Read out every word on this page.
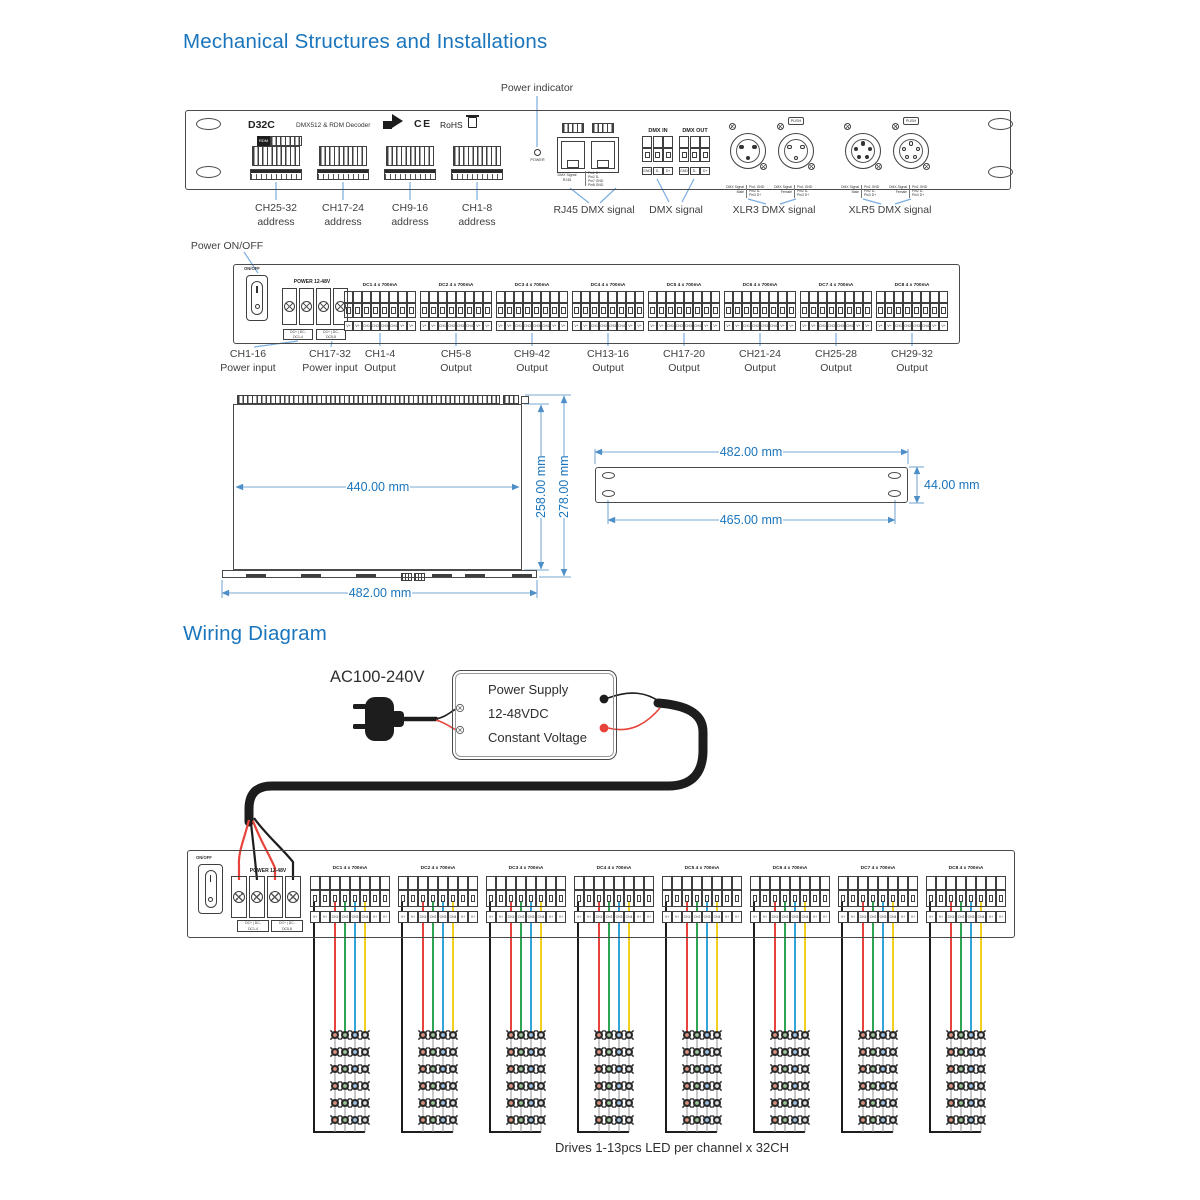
Mechanical Structures and Installations
Wiring Diagram
Power indicator
Power ON/OFF
440.00 mm
482.00 mm
258.00 mm 278.00 mm
482.00 mm
465.00 mm
44.00 mm
AC100-240V
Power Supply
12-48VDC
Constant Voltage
Drives 1-13pcs LED per channel x 32CH
D32C	DMX512 & RDM Decoder	CE RoHS
RDM
CH25-32
address
CH17-24
address
CH9-16
address
CH1-8
address
POWER
DMX Signal
RJ45
Pin1 D+
Pin2 D-
Pin7 GND
Pin8 GND
DMX IN
GND	D-	D+
DMX OUT
GND	D-	D+
DMX Signal
Male
Pin1 GND
Pin2 D-
Pin3 D+
PUSH
DMX Signal
Female
Pin1 GND
Pin2 D-
Pin3 D+
DMX Signal
Male
Pin1 GND
Pin2 D-
Pin3 D+
PUSH
DMX Signal
Female
Pin1 GND
Pin2 D-
Pin3 D+
RJ45 DMX signal	DMX signal	XLR3 DMX signal	XLR5 DMX signal
ON/OFF
POWER 12-48V
DC+ | DC-
DC1-4
DC+ | DC-
DC5-8
DC1 4 x 700mA
V+	V+	CH1 CH2 CH3 CH4	V+	V+
DC2 4 x 700mA
V+	V+	CH1 CH2 CH3 CH4	V+	V+
DC3 4 x 700mA
V+	V+	CH1 CH2 CH3 CH4	V+	V+
DC4 4 x 700mA
V+	V+	CH1 CH2 CH3 CH4	V+	V+
DC5 4 x 700mA
V+	V+	CH1 CH2 CH3 CH4	V+	V+
DC6 4 x 700mA
V+	V+	CH1 CH2 CH3 CH4	V+	V+
DC7 4 x 700mA
V+	V+	CH1 CH2 CH3 CH4	V+	V+
DC8 4 x 700mA
V+	V+	CH1 CH2 CH3 CH4	V+	V+
CH1-16
Power input
CH17-32
Power input
CH1-4
Output
CH5-8
Output
CH9-42
Output
CH13-16
Output
CH17-20
Output
CH21-24
Output
CH25-28
Output
CH29-32
Output
ON/OFF
POWER 12-48V
DC+ | DC-
DC1-4
DC+ | DC-
DC5-8
DC1 4 x 700mA
V+	V+	CH1 CH2 CH3 CH4	V+	V+
DC2 4 x 700mA
V+	V+	CH1 CH2 CH3 CH4	V+	V+
DC3 4 x 700mA
V+	V+	CH1 CH2 CH3 CH4	V+	V+
DC4 4 x 700mA
V+	V+	CH1 CH2 CH3 CH4	V+	V+
DC5 4 x 700mA
V+	V+	CH1 CH2 CH3 CH4	V+	V+
DC6 4 x 700mA
V+	V+	CH1 CH2 CH3 CH4	V+	V+
DC7 4 x 700mA
V+	V+	CH1 CH2 CH3 CH4	V+	V+
DC8 4 x 700mA
V+	V+	CH1 CH2 CH3 CH4	V+	V+
